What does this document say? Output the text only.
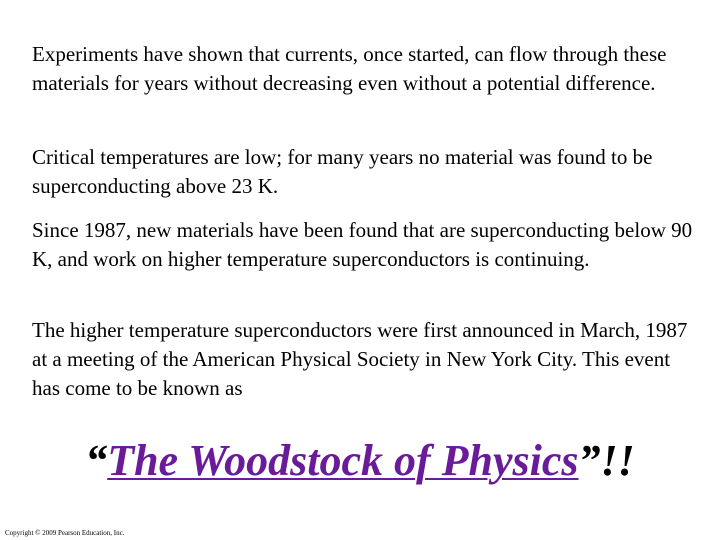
Experiments have shown that currents, once started, can flow through these materials for years without decreasing even without a potential difference.

Critical temperatures are low; for many years no material was found to be superconducting above 23 K.

Since 1987, new materials have been found that are superconducting below 90 K, and work on higher temperature superconductors is continuing.

The higher temperature superconductors were first announced in March, 1987 at a meeting of the American Physical Society in New York City. This event has come to be known as

“The Woodstock of Physics”!!
Copyright © 2009 Pearson Education, Inc.
